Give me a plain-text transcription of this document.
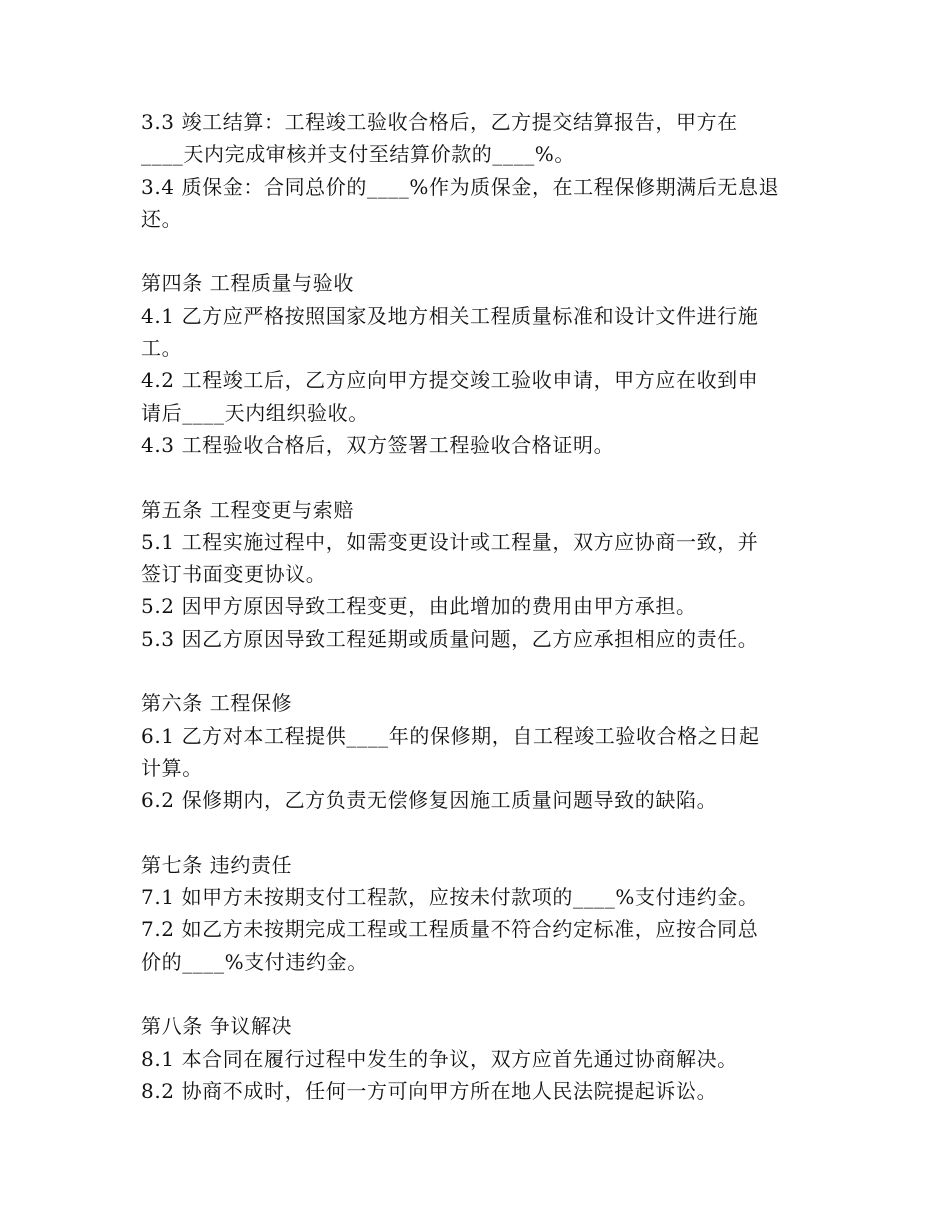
3.3 竣工结算：工程竣工验收合格后，乙方提交结算报告，甲方在
____天内完成审核并支付至结算价款的____%。
3.4 质保金：合同总价的____%作为质保金，在工程保修期满后无息退
还。
第四条 工程质量与验收
4.1 乙方应严格按照国家及地方相关工程质量标准和设计文件进行施
工。
4.2 工程竣工后，乙方应向甲方提交竣工验收申请，甲方应在收到申
请后____天内组织验收。
4.3 工程验收合格后，双方签署工程验收合格证明。
第五条 工程变更与索赔
5.1 工程实施过程中，如需变更设计或工程量，双方应协商一致，并
签订书面变更协议。
5.2 因甲方原因导致工程变更，由此增加的费用由甲方承担。
5.3 因乙方原因导致工程延期或质量问题，乙方应承担相应的责任。
第六条 工程保修
6.1 乙方对本工程提供____年的保修期，自工程竣工验收合格之日起
计算。
6.2 保修期内，乙方负责无偿修复因施工质量问题导致的缺陷。
第七条 违约责任
7.1 如甲方未按期支付工程款，应按未付款项的____%支付违约金。
7.2 如乙方未按期完成工程或工程质量不符合约定标准，应按合同总
价的____%支付违约金。
第八条 争议解决
8.1 本合同在履行过程中发生的争议，双方应首先通过协商解决。
8.2 协商不成时，任何一方可向甲方所在地人民法院提起诉讼。
